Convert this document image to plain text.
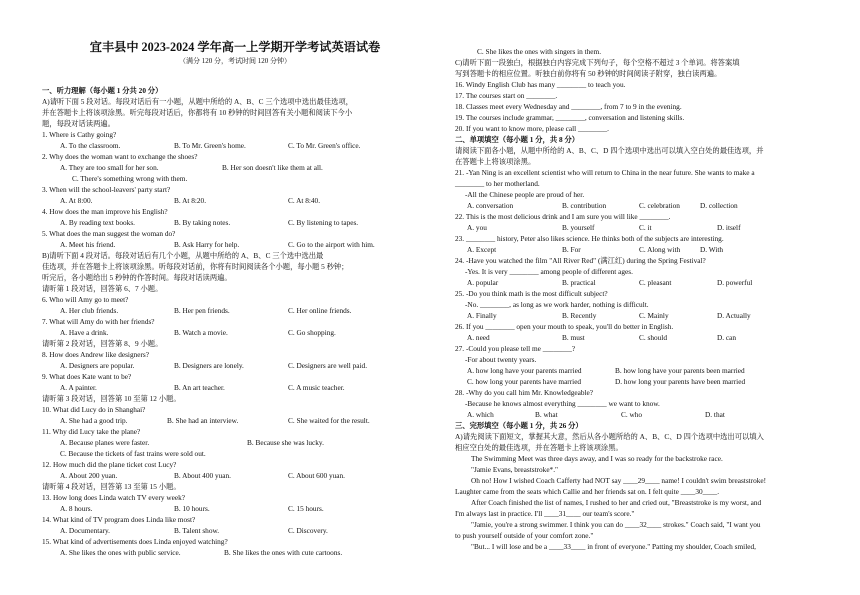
宜丰县中 2023-2024 学年高一上学期开学考试英语试卷
（满分 120 分，考试时间 120 分钟）
一、听力理解（每小题 1 分共 20 分）
A)请听下面 5 段对话。每段对话后有一小题，从题中所给的 A、B、C 三个选项中选出最佳选项，
并在答题卡上将该项涂黑。听完每段对话后，你都将有 10 秒钟的时间回答有关小题和阅读下今小
题，每段对话读两遍。
1. Where is Cathy going?
A. To the classroom.	B. To Mr. Green's home.	C. To Mr. Green's office.
2. Why does the woman want to exchange the shoes?
A. They are too small for her son.	B. Her son doesn't like them at all.
C. There's something wrong with them.
3. When will the school-leavers' party start?
A. At 8:00.	B. At 8:20.	C. At 8:40.
4. How does the man improve his English?
A. By reading text books.	B. By taking notes.	C. By listening to tapes.
5. What does the man suggest the woman do?
A. Meet his friend.	B. Ask Harry for help.	C. Go to the airport with him.
B)请听下面 4 段对话。每段对话后有几个小题，从题中所给的 A、B、C 三个选中选出最
佳选项，并在答题卡上将该项涂黑。听每段对话前，你将有时间阅读各个小题，每小题 5 秒钟；
听完后，各小题给出 5 秒钟的作答时间。每段对话读两遍。
请听第 1 段对话，回答第 6、7 小题。
6. Who will Amy go to meet?
A. Her club friends.	B. Her pen friends.	C. Her online friends.
7. What will Amy do with her friends?
A. Have a drink.	B. Watch a movie.	C. Go shopping.
请听第 2 段对话，回答第 8、9 小题。
8. How does Andrew like designers?
A. Designers are popular.	B. Designers are lonely.	C. Designers are well paid.
9. What does Kate want to be?
A. A painter.	B. An art teacher.	C. A music teacher.
请听第 3 段对话，回答第 10 至第 12 小题。
10. What did Lucy do in Shanghai?
A. She had a good trip.	B. She had an interview.	C. She waited for the result.
11. Why did Lucy take the plane?
A. Because planes were faster.	B. Because she was lucky.
C. Because the tickets of fast trains were sold out.
12. How much did the plane ticket cost Lucy?
A. About 200 yuan.	B. About 400 yuan.	C. About 600 yuan.
请听第 4 段对话，回答第 13 至第 15 小题。
13. How long does Linda watch TV every week?
A. 8 hours.	B. 10 hours.	C. 15 hours.
14. What kind of TV program does Linda like most?
A. Documentary.	B. Talent show.	C. Discovery.
15. What kind of advertisements does Linda enjoyed watching?
A. She likes the ones with public service.	B. She likes the ones with cute cartoons.
C. She likes the ones with singers in them.
C)请听下面一段独白，根据独白内容完成下列句子，每个空格不超过 3 个单词。将答案填
写到答题卡的相应位置。听独白前你将有 50 秒钟的时间阅读子附穿，独白读两遍。
16. Windy English Club has many ________ to teach you.
17. The courses start on ________.
18. Classes meet every Wednesday and ________, from 7 to 9 in the evening.
19. The courses include grammar, ________, conversation and listening skills.
20. If you want to know more, please call ________.
二、单项填空（每小题 1 分，共 8 分）
请阅读下面各小题，从题中所给的 A、B、C、D 四个选项中选出可以填入空白处的最佳选项，并
在答题卡上将该项涂黑。
21. -Yan Ning is an excellent scientist who will return to China in the near future. She wants to make a
________ to her motherland.
-All the Chinese people are proud of her.
A. conversation	B. contribution	C. celebration	D. collection
22. This is the most delicious drink and I am sure you will like ________.
A. you	B. yourself	C. it	D. itself
23. ________ history, Peter also likes science. He thinks both of the subjects are interesting.
A. Except	B. For	C. Along with	D. With
24. -Have you watched the film "All River Red" (满江红) during the Spring Festival?
-Yes. It is very ________ among people of different ages.
A. popular	B. practical	C. pleasant	D. powerful
25. -Do you think math is the most difficult subject?
-No. ________, as long as we work harder, nothing is difficult.
A. Finally	B. Recently	C. Mainly	D. Actually
26. If you ________ open your mouth to speak, you'll do better in English.
A. need	B. must	C. should	D. can
27. -Could you please tell me ________?
-For about twenty years.
A. how long have your parents married	B. how long have your parents been married
C. how long your parents have married	D. how long your parents have been married
28. -Why do you call him Mr. Knowledgeable?
-Because he knows almost everything ________ we want to know.
A. which	B. what	C. who	D. that
三、完形填空（每小题 1 分，共 26 分）
A)请先阅读下面短文，掌握其大意，然后从各小题所给的 A、B、C、D 四个选项中选出可以填入
相应空白处的最佳选项，并在答题卡上将该项涂黑。
The Swimming Meet was three days away, and I was so ready for the backstroke race.
"Jamie Evans, breaststroke*."
Oh no! How I wished Coach Cafferty had NOT say ____29____ name! I couldn't swim breaststroke!
Laughter came from the seats which Callie and her friends sat on. I felt quite ____30____.
After Coach finished the list of names, I rushed to her and cried out, "Breaststroke is my worst, and
I'm always last in practice. I'll ____31____ our team's score."
"Jamie, you're a strong swimmer. I think you can do ____32____ strokes." Coach said, "I want you
to push yourself outside of your comfort zone."
"But... I will lose and be a ____33____ in front of everyone." Patting my shoulder, Coach smiled,
